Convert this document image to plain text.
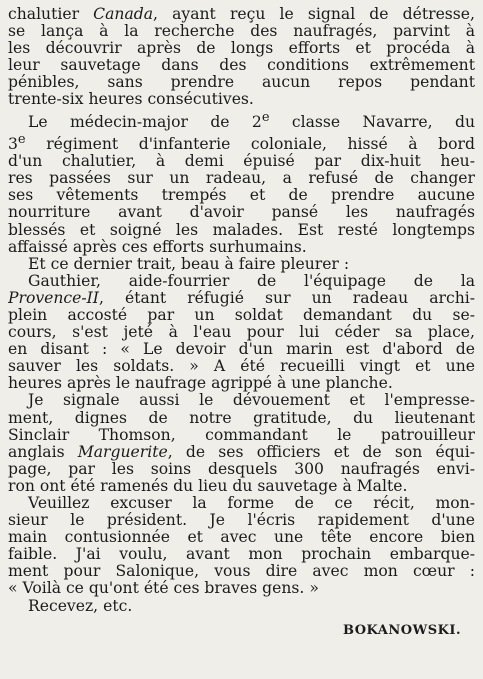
chalutier Canada, ayant reçu le signal de détresse,
se lança à la recherche des naufragés, parvint à
les découvrir après de longs efforts et procéda à
leur sauvetage dans des conditions extrêmement
pénibles, sans prendre aucun repos pendant
trente-six heures consécutives.
Le médecin-major de 2e classe Navarre, du
3e régiment d'infanterie coloniale, hissé à bord
d'un chalutier, à demi épuisé par dix-huit heu-
res passées sur un radeau, a refusé de changer
ses vêtements trempés et de prendre aucune
nourriture avant d'avoir pansé les naufragés
blessés et soigné les malades. Est resté longtemps
affaissé après ces efforts surhumains.
Et ce dernier trait, beau à faire pleurer :
Gauthier, aide-fourrier de l'équipage de la
Provence-II, étant réfugié sur un radeau archi-
plein accosté par un soldat demandant du se-
cours, s'est jeté à l'eau pour lui céder sa place,
en disant : « Le devoir d'un marin est d'abord de
sauver les soldats. » A été recueilli vingt et une
heures après le naufrage agrippé à une planche.
Je signale aussi le dévouement et l'empresse-
ment, dignes de notre gratitude, du lieutenant
Sinclair Thomson, commandant le patrouilleur
anglais Marguerite, de ses officiers et de son équi-
page, par les soins desquels 300 naufragés envi-
ron ont été ramenés du lieu du sauvetage à Malte.
Veuillez excuser la forme de ce récit, mon-
sieur le président. Je l'écris rapidement d'une
main contusionnée et avec une tête encore bien
faible. J'ai voulu, avant mon prochain embarque-
ment pour Salonique, vous dire avec mon cœur :
« Voilà ce qu'ont été ces braves gens. »
Recevez, etc.
BOKANOWSKI.
